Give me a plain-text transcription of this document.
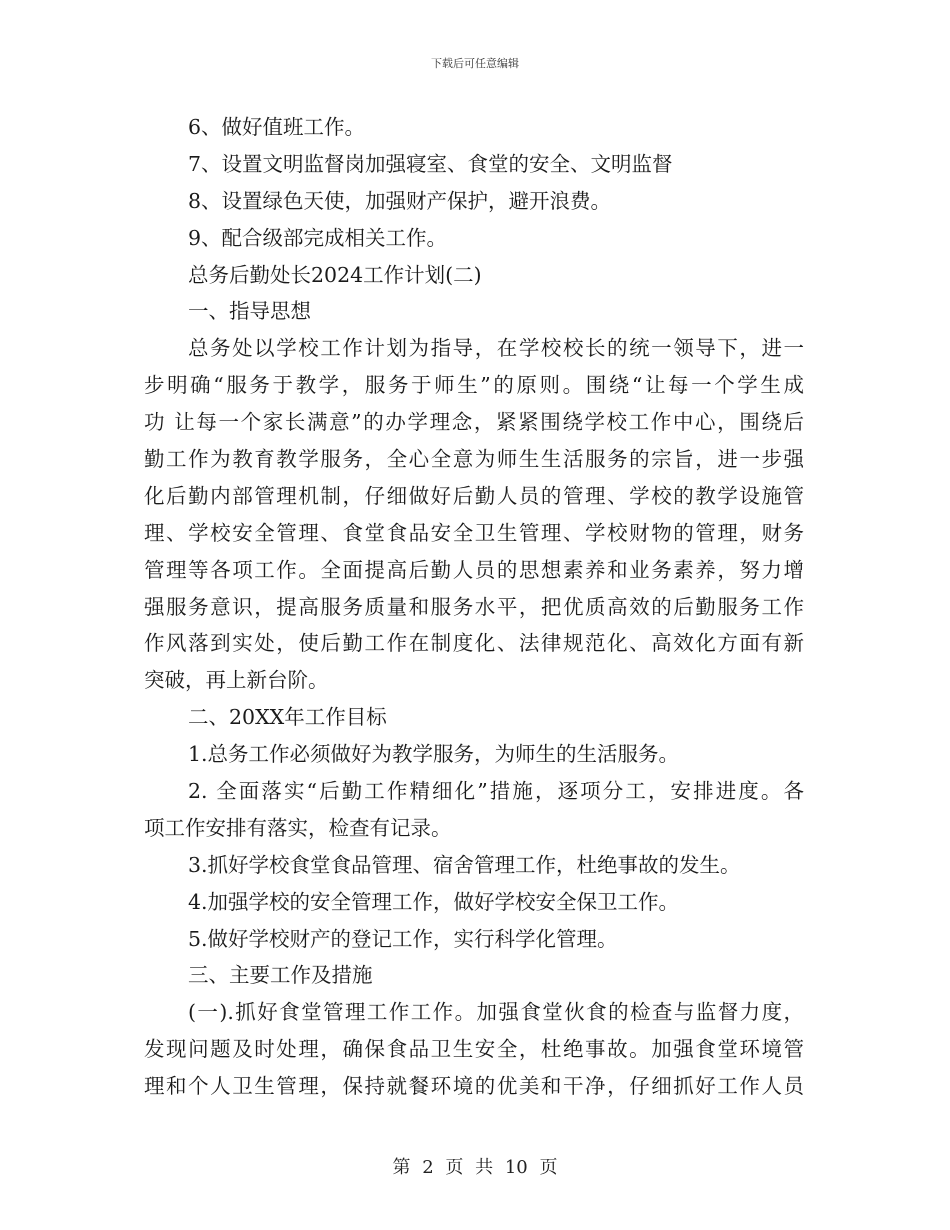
下载后可任意编辑
6、做好值班工作。
7、设置文明监督岗加强寝室、食堂的安全、文明监督
8、设置绿色天使，加强财产保护，避开浪费。
9、配合级部完成相关工作。
总务后勤处长2024工作计划(二)
一、指导思想
总务处以学校工作计划为指导，在学校校长的统一领导下，进一
步明确“服务于教学，服务于师生”的原则。围绕“让每一个学生成
功 让每一个家长满意”的办学理念，紧紧围绕学校工作中心，围绕后
勤工作为教育教学服务，全心全意为师生生活服务的宗旨，进一步强
化后勤内部管理机制，仔细做好后勤人员的管理、学校的教学设施管
理、学校安全管理、食堂食品安全卫生管理、学校财物的管理，财务
管理等各项工作。全面提高后勤人员的思想素养和业务素养，努力增
强服务意识，提高服务质量和服务水平，把优质高效的后勤服务工作
作风落到实处，使后勤工作在制度化、法律规范化、高效化方面有新
突破，再上新台阶。
二、20XX年工作目标
1.总务工作必须做好为教学服务，为师生的生活服务。
2. 全面落实“后勤工作精细化”措施，逐项分工，安排进度。各
项工作安排有落实，检查有记录。
3.抓好学校食堂食品管理、宿舍管理工作，杜绝事故的发生。
4.加强学校的安全管理工作，做好学校安全保卫工作。
5.做好学校财产的登记工作，实行科学化管理。
三、主要工作及措施
(一).抓好食堂管理工作工作。加强食堂伙食的检查与监督力度，
发现问题及时处理，确保食品卫生安全，杜绝事故。加强食堂环境管
理和个人卫生管理，保持就餐环境的优美和干净，仔细抓好工作人员
第 2 页 共 10 页
